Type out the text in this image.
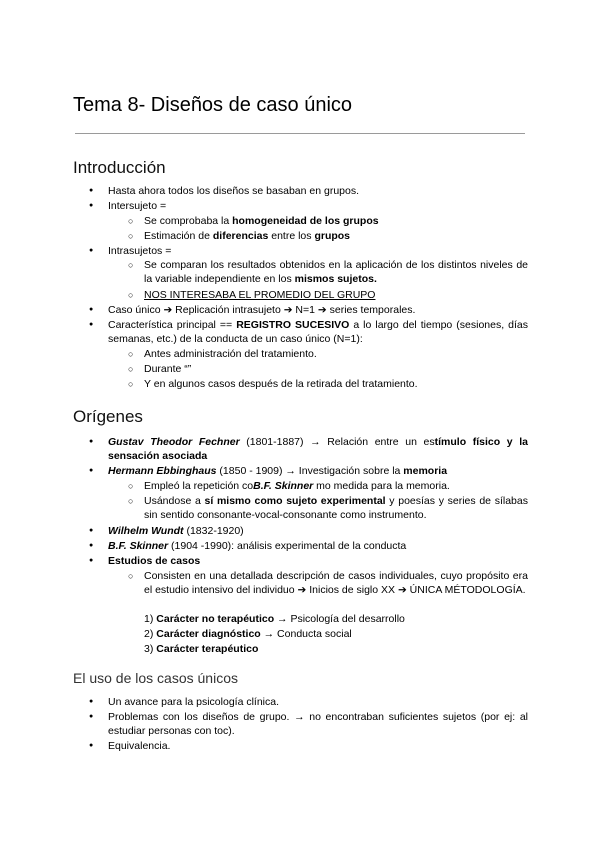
Tema 8- Diseños de caso único
Introducción
● Hasta ahora todos los diseños se basaban en grupos.
● Intersujeto =
○ Se comprobaba la homogeneidad de los grupos
○ Estimación de diferencias entre los grupos
● Intrasujetos =
○ Se comparan los resultados obtenidos en la aplicación de los distintos niveles de la variable independiente en los mismos sujetos.
○ NOS INTERESABA EL PROMEDIO DEL GRUPO
● Caso único ➔ Replicación intrasujeto ➔ N=1 ➔ series temporales.
● Característica principal == REGISTRO SUCESIVO a lo largo del tiempo (sesiones, días semanas, etc.) de la conducta de un caso único (N=1):
○ Antes administración del tratamiento.
○ Durante “”
○ Y en algunos casos después de la retirada del tratamiento.
Orígenes
● Gustav Theodor Fechner (1801-1887) → Relación entre un estímulo físico y la sensación asociada
● Hermann Ebbinghaus (1850 - 1909) → Investigación sobre la memoria
○ Empleó la repetición coB.F. Skinner mo medida para la memoria.
○ Usándose a sí mismo como sujeto experimental y poesías y series de sílabas sin sentido consonante-vocal-consonante como instrumento.
● Wilhelm Wundt (1832-1920)
● B.F. Skinner (1904 -1990): análisis experimental de la conducta
● Estudios de casos
○ Consisten en una detallada descripción de casos individuales, cuyo propósito era el estudio intensivo del individuo ➔ Inicios de siglo XX ➔ ÚNICA MÉTODOLOGÍA.
1) Carácter no terapéutico → Psicología del desarrollo
2) Carácter diagnóstico → Conducta social
3) Carácter terapéutico
El uso de los casos únicos
● Un avance para la psicología clínica.
● Problemas con los diseños de grupo. → no encontraban suficientes sujetos (por ej: al estudiar personas con toc).
● Equivalencia.
